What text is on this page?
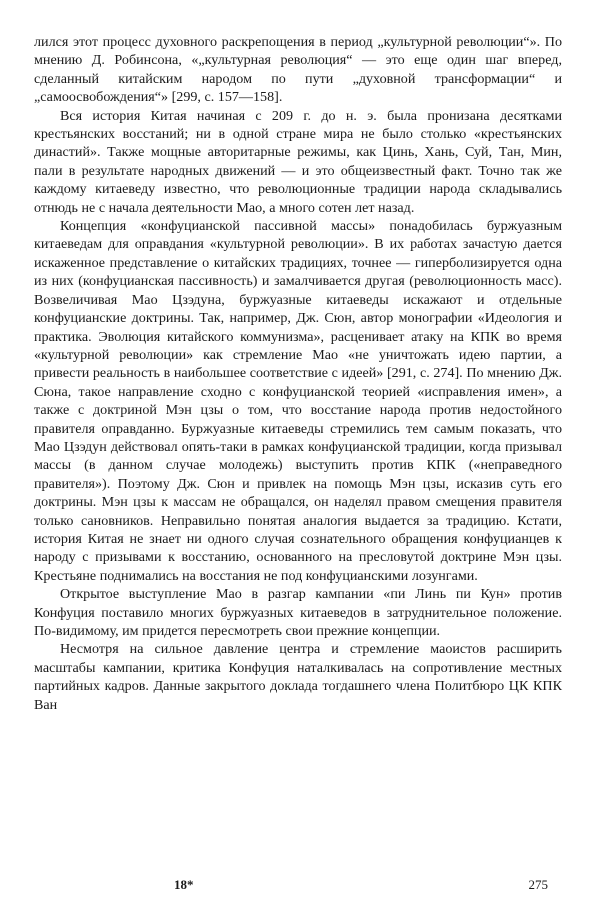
лился этот процесс духовного раскрепощения в период „культурной революции“». По мнению Д. Робинсона, «„культурная революция“ — это еще один шаг вперед, сделанный китайским народом по пути „духовной трансформации“ и „самоосвобождения“» [299, с. 157—158].

Вся история Китая начиная с 209 г. до н. э. была пронизана десятками крестьянских восстаний; ни в одной стране мира не было столько «крестьянских династий». Также мощные авторитарные режимы, как Цинь, Хань, Суй, Тан, Мин, пали в результате народных движений — и это общеизвестный факт. Точно так же каждому китаеведу известно, что революционные традиции народа складывались отнюдь не с начала деятельности Мао, а много сотен лет назад.

Концепция «конфуцианской пассивной массы» понадобилась буржуазным китаеведам для оправдания «культурной революции». В их работах зачастую дается искаженное представление о китайских традициях, точнее — гиперболизируется одна из них (конфуцианская пассивность) и замалчивается другая (революционность масс). Возвеличивая Мао Цзэдуна, буржуазные китаеведы искажают и отдельные конфуцианские доктрины. Так, например, Дж. Сюн, автор монографии «Идеология и практика. Эволюция китайского коммунизма», расценивает атаку на КПК во время «культурной революции» как стремление Мао «не уничтожать идею партии, а привести реальность в наибольшее соответствие с идеей» [291, с. 274]. По мнению Дж. Сюна, такое направление сходно с конфуцианской теорией «исправления имен», а также с доктриной Мэн цзы о том, что восстание народа против недостойного правителя оправданно. Буржуазные китаеведы стремились тем самым показать, что Мао Цзэдун действовал опять-таки в рамках конфуцианской традиции, когда призывал массы (в данном случае молодежь) выступить против КПК («неправедного правителя»). Поэтому Дж. Сюн и привлек на помощь Мэн цзы, исказив суть его доктрины. Мэн цзы к массам не обращался, он наделял правом смещения правителя только сановников. Неправильно понятая аналогия выдается за традицию. Кстати, история Китая не знает ни одного случая сознательного обращения конфуцианцев к народу с призывами к восстанию, основанного на пресловутой доктрине Мэн цзы. Крестьяне поднимались на восстания не под конфуцианскими лозунгами.

Открытое выступление Мао в разгар кампании «пи Линь пи Кун» против Конфуция поставило многих буржуазных китаеведов в затруднительное положение. По-видимому, им придется пересмотреть свои прежние концепции.

Несмотря на сильное давление центра и стремление маоистов расширить масштабы кампании, критика Конфуция наталкивалась на сопротивление местных партийных кадров. Данные закрытого доклада тогдашнего члена Политбюро ЦК КПК Ван

18*	275
